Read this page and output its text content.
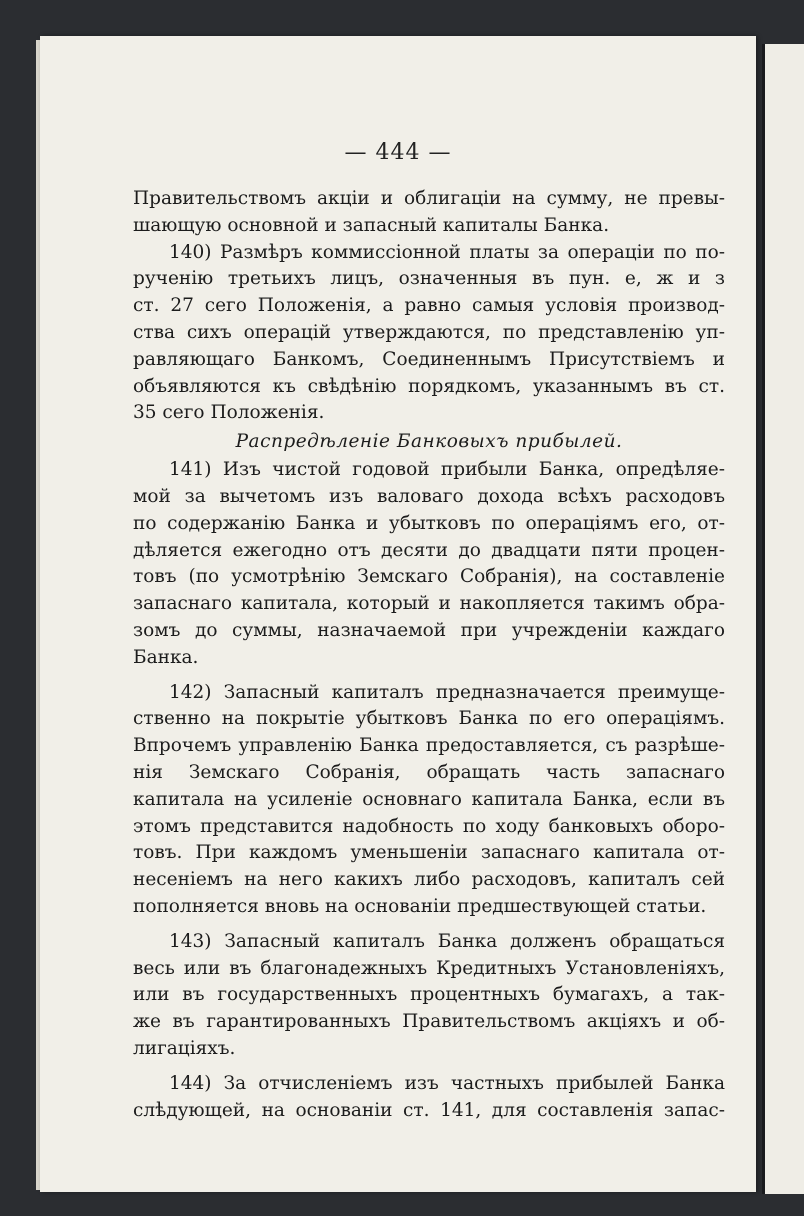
— 444 —
Правительствомъ акціи и облигаціи на сумму, не превы-
шающую основной и запасный капиталы Банка.
140) Размѣръ коммиссіонной платы за операціи по по-
рученію третьихъ лицъ, означенныя въ пун. е, ж и з
ст. 27 сего Положенія, а равно самыя условія производ-
ства сихъ операцій утверждаются, по представленію уп-
равляющаго Банкомъ, Соединеннымъ Присутствіемъ и
объявляются къ свѣдѣнію порядкомъ, указаннымъ въ ст.
35 сего Положенія.
Распредѣленіе Банковыхъ прибылей.
141) Изъ чистой годовой прибыли Банка, опредѣляе-
мой за вычетомъ изъ валоваго дохода всѣхъ расходовъ
по содержанію Банка и убытковъ по операціямъ его, от-
дѣляется ежегодно отъ десяти до двадцати пяти процен-
товъ (по усмотрѣнію Земскаго Собранія), на составленіе
запаснаго капитала, который и накопляется такимъ обра-
зомъ до суммы, назначаемой при учрежденіи каждаго
Банка.
142) Запасный капиталъ предназначается преимуще-
ственно на покрытіе убытковъ Банка по его операціямъ.
Впрочемъ управленію Банка предоставляется, съ разрѣше-
нія Земскаго Собранія, обращать часть запаснаго
капитала на усиленіе основнаго капитала Банка, если въ
этомъ представится надобность по ходу банковыхъ оборо-
товъ. При каждомъ уменьшеніи запаснаго капитала от-
несеніемъ на него какихъ либо расходовъ, капиталъ сей
пополняется вновь на основаніи предшествующей статьи.
143) Запасный капиталъ Банка долженъ обращаться
весь или въ благонадежныхъ Кредитныхъ Установленіяхъ,
или въ государственныхъ процентныхъ бумагахъ, а так-
же въ гарантированныхъ Правительствомъ акціяхъ и об-
лигаціяхъ.
144) За отчисленіемъ изъ частныхъ прибылей Банка
слѣдующей, на основаніи ст. 141, для составленія запас-
